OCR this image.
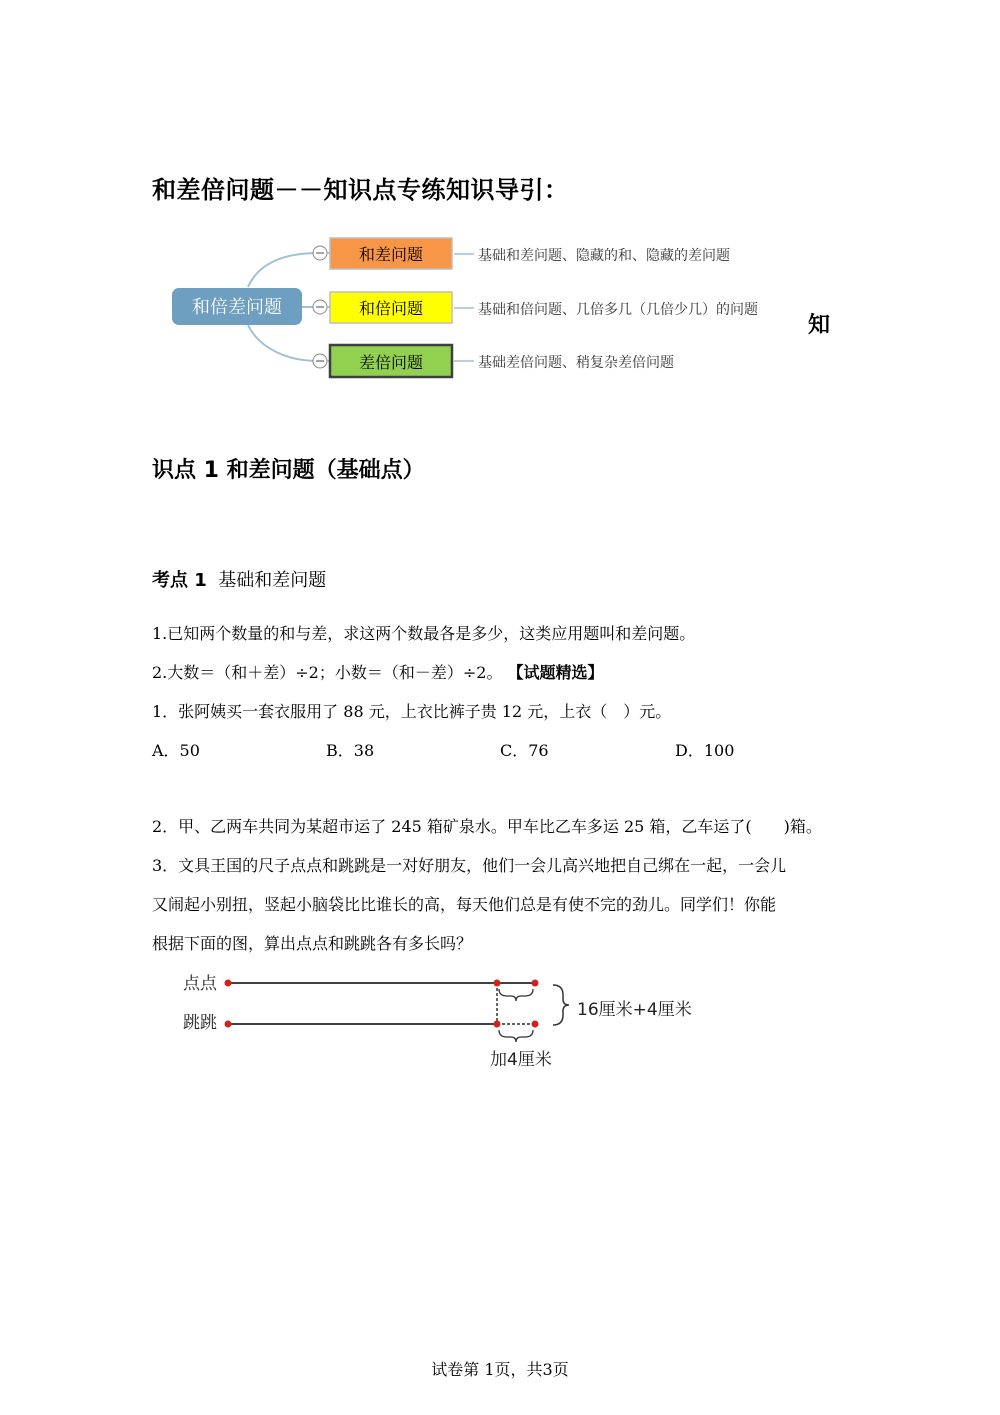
和差倍问题－－知识点专练知识导引：
和倍差问题
和差问题
和倍问题
差倍问题
基础和差问题、隐藏的和、隐藏的差问题
基础和倍问题、几倍多几（几倍少几）的问题
基础差倍问题、稍复杂差倍问题
知
识点 1 和差问题（基础点）
考点 1 基础和差问题
1.已知两个数量的和与差，求这两个数最各是多少，这类应用题叫和差问题。
2.大数＝（和＋差）÷2；小数＝（和－差）÷2。 【试题精选】
1．张阿姨买一套衣服用了 88 元，上衣比裤子贵 12 元，上衣（　）元。
A．50	B．38	C．76	D．100
2．甲、乙两车共同为某超市运了 245 箱矿泉水。甲车比乙车多运 25 箱，乙车运了(　　)箱。
3．文具王国的尺子点点和跳跳是一对好朋友，他们一会儿高兴地把自己绑在一起，一会儿
又闹起小别扭，竖起小脑袋比比谁长的高，每天他们总是有使不完的劲儿。同学们！你能
根据下面的图，算出点点和跳跳各有多长吗？
点点
跳跳
16厘米+4厘米
加4厘米
试卷第 1页，共3页
